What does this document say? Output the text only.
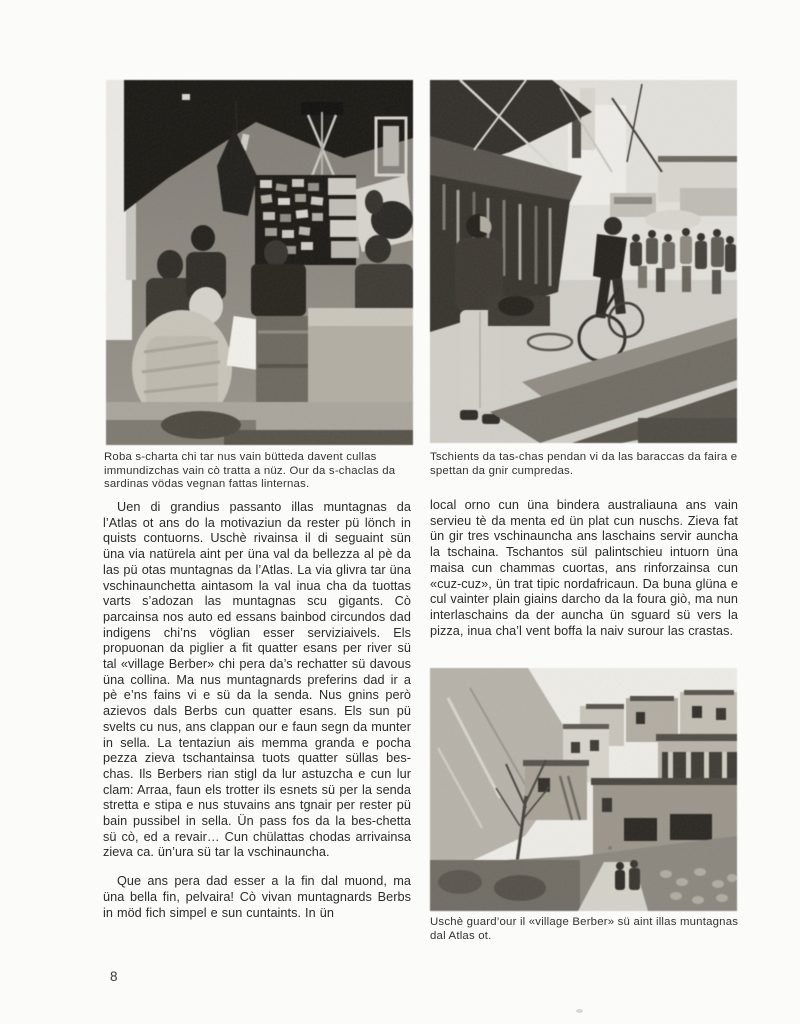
Roba s-charta chi tar nus vain bütteda davent cullas immundizchas vain cò tratta a nüz. Our da s-chaclas da sardinas vödas vegnan fattas linternas.
Tschients da tas-chas pendan vi da las baraccas da faira e spettan da gnir cumpredas.

Uen di grandius passanto illas muntagnas da l’Atlas ot ans do la motivaziun da rester pü lönch in quists contuorns. Uschè rivainsa il di seguaint sün üna via natürela aint per üna val da bellezza al pè da las pü otas muntagnas da l’Atlas. La via glivra tar üna vschinaunchetta aintasom la val inua cha da tuottas varts s’adozan las muntagnas scu gigants. Cò parcainsa nos auto ed essans bainbod circundos dad indigens chi’ns vöglian esser serviziaivels. Els propuonan da piglier a fit quatter esans per river sü tal «village Berber» chi pera da’s rechatter sü davous üna collina. Ma nus muntagnards preferins dad ir a pè e’ns fains vi e sü da la senda. Nus gnins però azievos dals Berbs cun quatter esans. Els sun pü svelts cu nus, ans clappan our e faun segn da munter in sella. La tentaziun ais memma granda e pocha pezza zieva tschantainsa tuots quatter süllas bes-chas. Ils Berbers rian stigl da lur astuzcha e cun lur clam: Arraa, faun els trotter ils esnets sü per la senda stretta e stipa e nus stuvains ans tgnair per rester pü bain pussibel in sella. Ün pass fos da la bes-chetta sü cò, ed a revair… Cun chülattas chodas arrivainsa zieva ca. ün’ura sü tar la vschinauncha.

Que ans pera dad esser a la fin dal muond, ma üna bella fin, pelvaira! Cò vivan muntagnards Berbs in möd fich simpel e sun cuntaints. In ün

local orno cun üna bindera australiauna ans vain servieu tè da menta ed ün plat cun nuschs. Zieva fat ün gir tres vschinauncha ans laschains servir auncha la tschaina. Tschantos sül palintschieu intuorn üna maisa cun chammas cuortas, ans rinforzainsa cun «cuz-cuz», ün trat tipic nordafricaun. Da buna glüna e cul vainter plain giains darcho da la foura giò, ma nun interlaschains da der auncha ün sguard sü vers la pizza, inua cha’l vent boffa la naiv surour las crastas.

Uschè guard’our il «village Berber» sü aint illas muntagnas dal Atlas ot.
8
